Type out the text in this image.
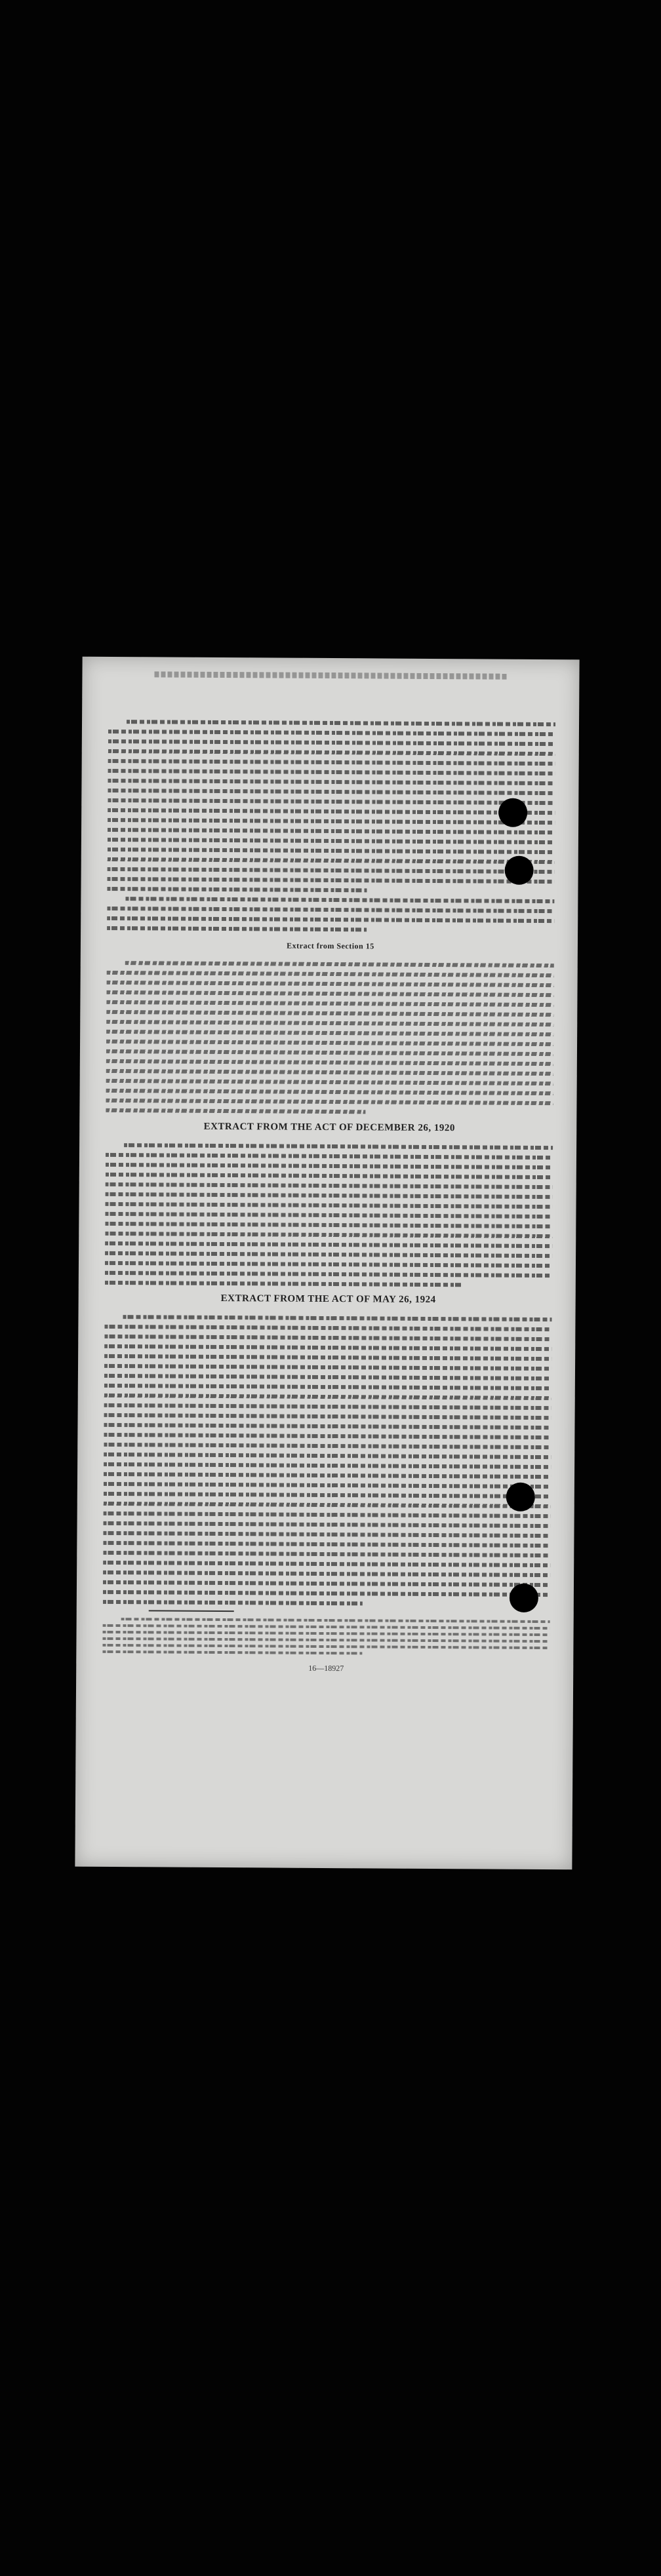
Extract from Section 15
EXTRACT FROM THE ACT OF DECEMBER 26, 1920
EXTRACT FROM THE ACT OF MAY 26, 1924
16—18927
